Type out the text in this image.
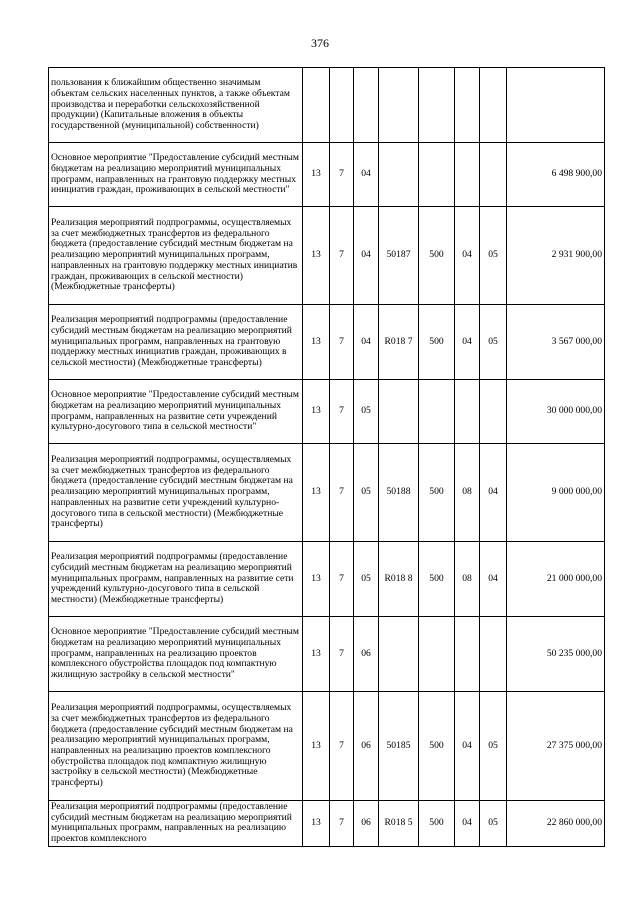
376
пользования к ближайшим общественно значимым объектам сельских населенных пунктов, а также объектам производства и переработки сельскохозяйственной продукции) (Капитальные вложения в объекты государственной (муниципальной) собственности)								
Основное мероприятие "Предоставление субсидий местным бюджетам на реализацию мероприятий муниципальных программ, направленных на грантовую поддержку местных инициатив граждан, проживающих в сельской местности"	13	7	04					6 498 900,00
Реализация мероприятий подпрограммы, осуществляемых за счет межбюджетных трансфертов из федерального бюджета (предоставление субсидий местным бюджетам на реализацию мероприятий муниципальных программ, направленных на грантовую поддержку местных инициатив граждан, проживающих в сельской местности) (Межбюджетные трансферты)	13	7	04	50187	500	04	05	2 931 900,00
Реализация мероприятий подпрограммы (предоставление субсидий местным бюджетам на реализацию мероприятий муниципальных программ, направленных на грантовую поддержку местных инициатив граждан, проживающих в сельской местности) (Межбюджетные трансферты)	13	7	04	R018 7	500	04	05	3 567 000,00
Основное мероприятие "Предоставление субсидий местным бюджетам на реализацию мероприятий муниципальных программ, направленных на развитие сети учреждений культурно-досугового типа в сельской местности"	13	7	05					30 000 000,00
Реализация мероприятий подпрограммы, осуществляемых за счет межбюджетных трансфертов из федерального бюджета (предоставление субсидий местным бюджетам на реализацию мероприятий муниципальных программ, направленных на развитие сети учреждений культурно-досугового типа в сельской местности) (Межбюджетные трансферты)	13	7	05	50188	500	08	04	9 000 000,00
Реализация мероприятий подпрограммы (предоставление субсидий местным бюджетам на реализацию мероприятий муниципальных программ, направленных на развитие сети учреждений культурно-досугового типа в сельской местности) (Межбюджетные трансферты)	13	7	05	R018 8	500	08	04	21 000 000,00
Основное мероприятие "Предоставление субсидий местным бюджетам на реализацию мероприятий муниципальных программ, направленных на реализацию проектов комплексного обустройства площадок под компактную жилищную застройку в сельской местности"	13	7	06					50 235 000,00
Реализация мероприятий подпрограммы, осуществляемых за счет межбюджетных трансфертов из федерального бюджета (предоставление субсидий местным бюджетам на реализацию мероприятий муниципальных программ, направленных на реализацию проектов комплексного обустройства площадок под компактную жилищную застройку в сельской местности) (Межбюджетные трансферты)	13	7	06	50185	500	04	05	27 375 000,00
Реализация мероприятий подпрограммы (предоставление субсидий местным бюджетам на реализацию мероприятий муниципальных программ, направленных на реализацию проектов комплексного	13	7	06	R018 5	500	04	05	22 860 000,00
